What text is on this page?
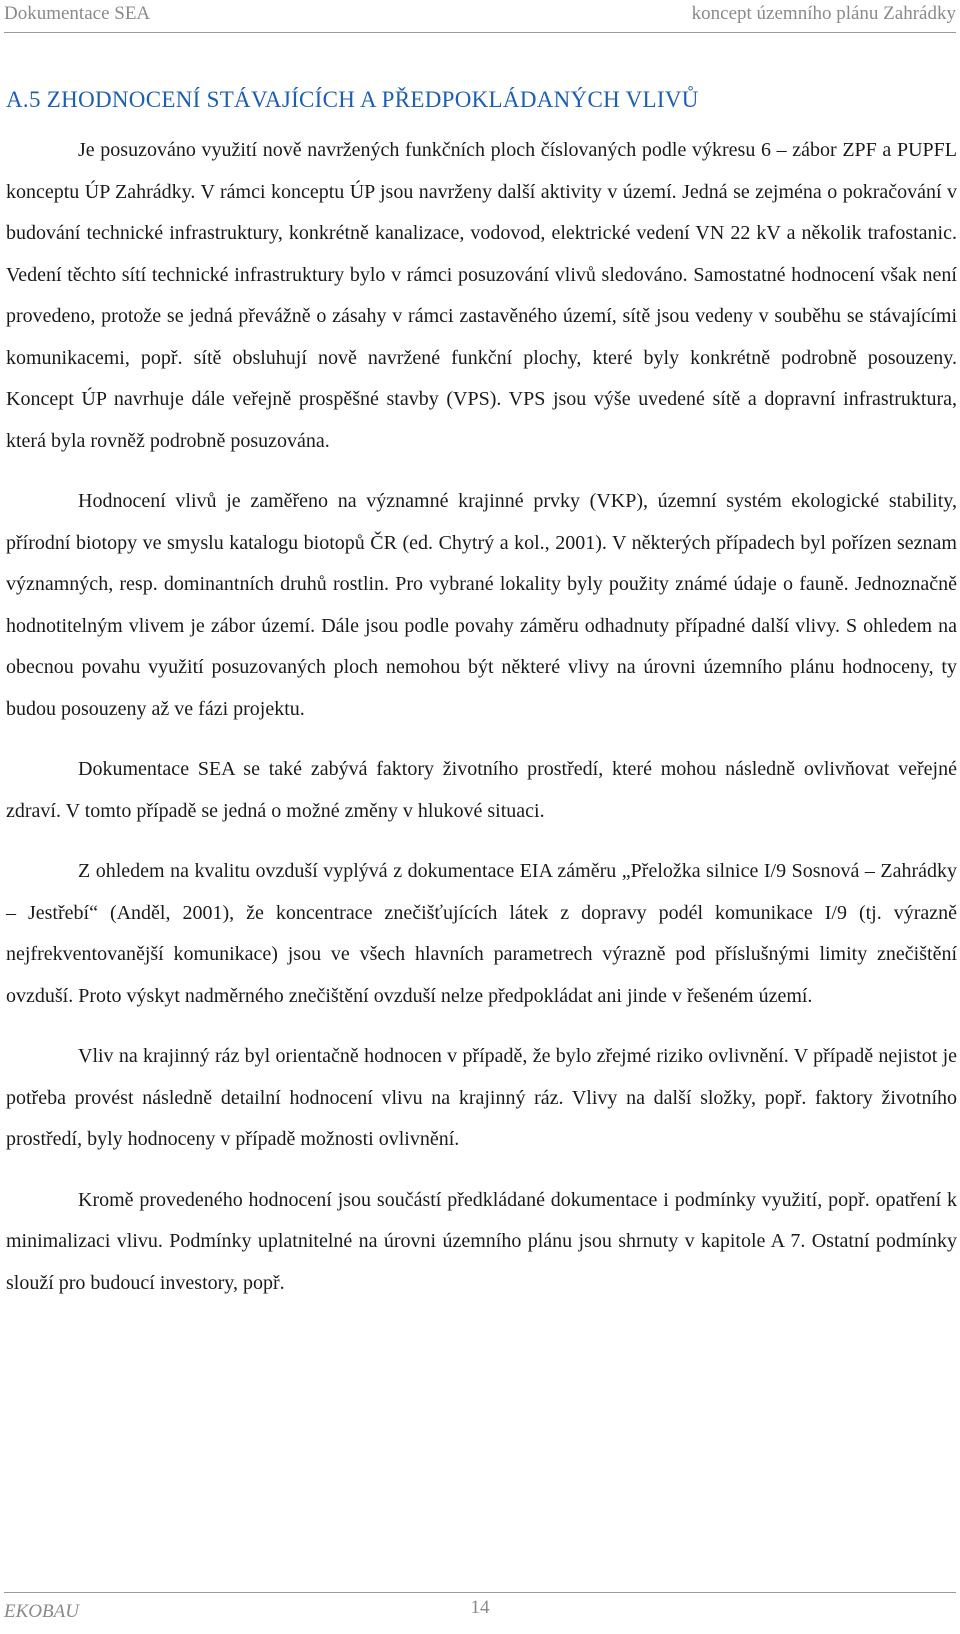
Dokumentace SEA	koncept územního plánu Zahrádky
A.5 ZHODNOCENÍ STÁVAJÍCÍCH A PŘEDPOKLÁDANÝCH VLIVŮ

Je posuzováno využití nově navržených funkčních ploch číslovaných podle výkresu 6 – zábor ZPF a PUPFL konceptu ÚP Zahrádky. V rámci konceptu ÚP jsou navrženy další aktivity v území. Jedná se zejména o pokračování v budování technické infrastruktury, konkrétně kanalizace, vodovod, elektrické vedení VN 22 kV a několik trafostanic. Vedení těchto sítí technické infrastruktury bylo v rámci posuzování vlivů sledováno. Samostatné hodnocení však není provedeno, protože se jedná převážně o zásahy v rámci zastavěného území, sítě jsou vedeny v souběhu se stávajícími komunikacemi, popř. sítě obsluhují nově navržené funkční plochy, které byly konkrétně podrobně posouzeny. Koncept ÚP navrhuje dále veřejně prospěšné stavby (VPS). VPS jsou výše uvedené sítě a dopravní infrastruktura, která byla rovněž podrobně posuzována.

Hodnocení vlivů je zaměřeno na významné krajinné prvky (VKP), územní systém ekologické stability, přírodní biotopy ve smyslu katalogu biotopů ČR (ed. Chytrý a kol., 2001). V některých případech byl pořízen seznam významných, resp. dominantních druhů rostlin. Pro vybrané lokality byly použity známé údaje o fauně. Jednoznačně hodnotitelným vlivem je zábor území. Dále jsou podle povahy záměru odhadnuty případné další vlivy. S ohledem na obecnou povahu využití posuzovaných ploch nemohou být některé vlivy na úrovni územního plánu hodnoceny, ty budou posouzeny až ve fázi projektu.

Dokumentace SEA se také zabývá faktory životního prostředí, které mohou následně ovlivňovat veřejné zdraví. V tomto případě se jedná o možné změny v hlukové situaci.

Z ohledem na kvalitu ovzduší vyplývá z dokumentace EIA záměru „Přeložka silnice I/9 Sosnová – Zahrádky – Jestřebí“ (Anděl, 2001), že koncentrace znečišťujících látek z dopravy podél komunikace I/9 (tj. výrazně nejfrekventovanější komunikace) jsou ve všech hlavních parametrech výrazně pod příslušnými limity znečištění ovzduší. Proto výskyt nadměrného znečištění ovzduší nelze předpokládat ani jinde v řešeném území.

Vliv na krajinný ráz byl orientačně hodnocen v případě, že bylo zřejmé riziko ovlivnění. V případě nejistot je potřeba provést následně detailní hodnocení vlivu na krajinný ráz. Vlivy na další složky, popř. faktory životního prostředí, byly hodnoceny v případě možnosti ovlivnění.

Kromě provedeného hodnocení jsou součástí předkládané dokumentace i podmínky využití, popř. opatření k minimalizaci vlivu. Podmínky uplatnitelné na úrovni územního plánu jsou shrnuty v kapitole A 7. Ostatní podmínky slouží pro budoucí investory, popř.

EKOBAU	14
